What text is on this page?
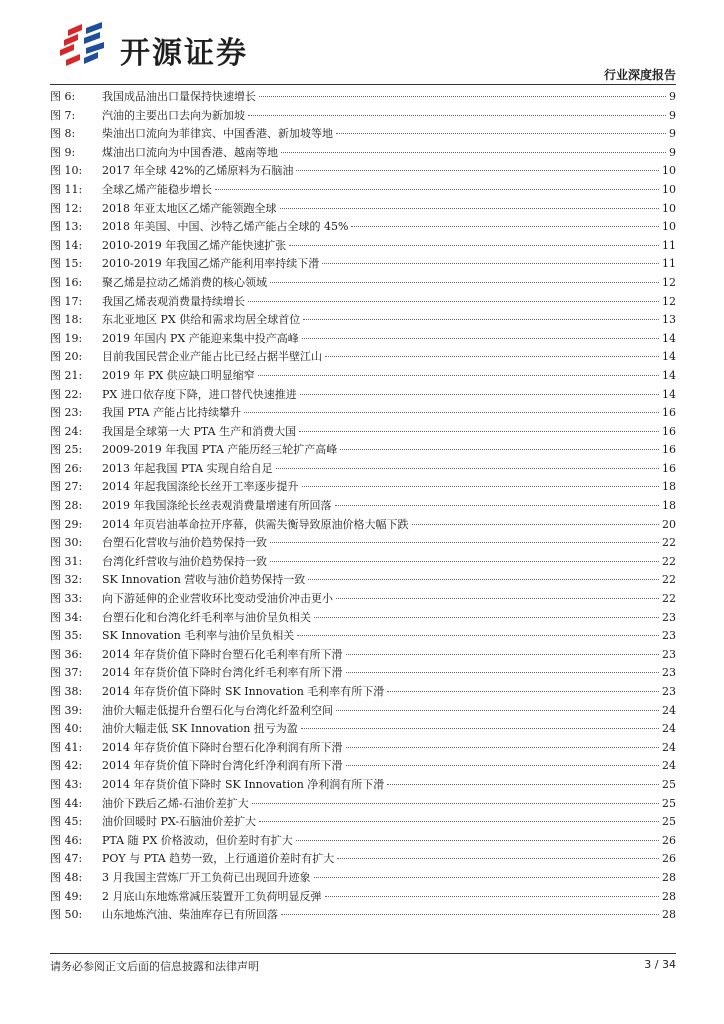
开源证券
行业深度报告
图 6:	我国成品油出口量保持快速增长	9
图 7:	汽油的主要出口去向为新加坡	9
图 8:	柴油出口流向为菲律宾、中国香港、新加坡等地	9
图 9:	煤油出口流向为中国香港、越南等地	9
图 10:	2017 年全球 42%的乙烯原料为石脑油	10
图 11:	全球乙烯产能稳步增长	10
图 12:	2018 年亚太地区乙烯产能领跑全球	10
图 13:	2018 年美国、中国、沙特乙烯产能占全球的 45%	10
图 14:	2010-2019 年我国乙烯产能快速扩张	11
图 15:	2010-2019 年我国乙烯产能利用率持续下滑	11
图 16:	聚乙烯是拉动乙烯消费的核心领域	12
图 17:	我国乙烯表观消费量持续增长	12
图 18:	东北亚地区 PX 供给和需求均居全球首位	13
图 19:	2019 年国内 PX 产能迎来集中投产高峰	14
图 20:	目前我国民营企业产能占比已经占据半壁江山	14
图 21:	2019 年 PX 供应缺口明显缩窄	14
图 22:	PX 进口依存度下降，进口替代快速推进	14
图 23:	我国 PTA 产能占比持续攀升	16
图 24:	我国是全球第一大 PTA 生产和消费大国	16
图 25:	2009-2019 年我国 PTA 产能历经三轮扩产高峰	16
图 26:	2013 年起我国 PTA 实现自给自足	16
图 27:	2014 年起我国涤纶长丝开工率逐步提升	18
图 28:	2019 年我国涤纶长丝表观消费量增速有所回落	18
图 29:	2014 年页岩油革命拉开序幕，供需失衡导致原油价格大幅下跌	20
图 30:	台塑石化营收与油价趋势保持一致	22
图 31:	台湾化纤营收与油价趋势保持一致	22
图 32:	SK Innovation 营收与油价趋势保持一致	22
图 33:	向下游延伸的企业营收环比变动受油价冲击更小	22
图 34:	台塑石化和台湾化纤毛利率与油价呈负相关	23
图 35:	SK Innovation 毛利率与油价呈负相关	23
图 36:	2014 年存货价值下降时台塑石化毛利率有所下滑	23
图 37:	2014 年存货价值下降时台湾化纤毛利率有所下滑	23
图 38:	2014 年存货价值下降时 SK Innovation 毛利率有所下滑	23
图 39:	油价大幅走低提升台塑石化与台湾化纤盈利空间	24
图 40:	油价大幅走低 SK Innovation 扭亏为盈	24
图 41:	2014 年存货价值下降时台塑石化净利润有所下滑	24
图 42:	2014 年存货价值下降时台湾化纤净利润有所下滑	24
图 43:	2014 年存货价值下降时 SK Innovation 净利润有所下滑	25
图 44:	油价下跌后乙烯-石油价差扩大	25
图 45:	油价回暖时 PX-石脑油价差扩大	25
图 46:	PTA 随 PX 价格波动，但价差时有扩大	26
图 47:	POY 与 PTA 趋势一致，上行通道价差时有扩大	26
图 48:	3 月我国主营炼厂开工负荷已出现回升迹象	28
图 49:	2 月底山东地炼常减压装置开工负荷明显反弹	28
图 50:	山东地炼汽油、柴油库存已有所回落	28
请务必参阅正文后面的信息披露和法律声明	3 / 34
